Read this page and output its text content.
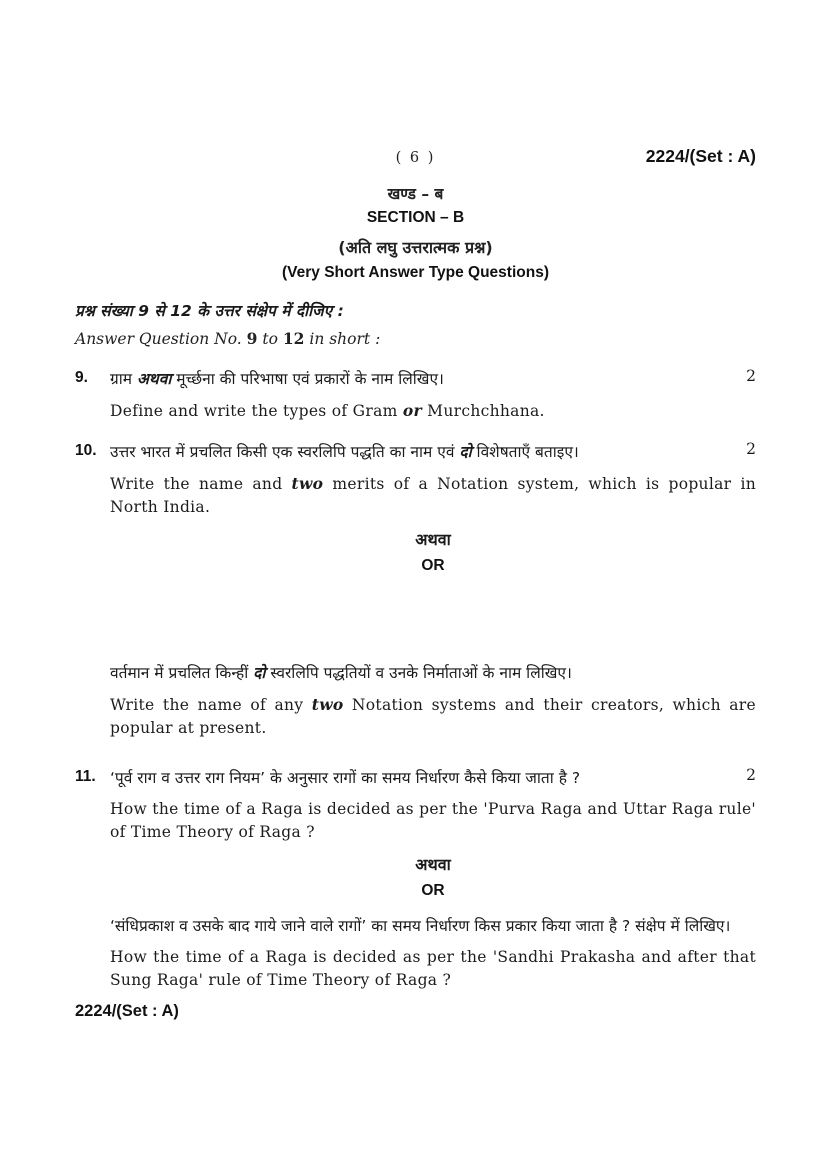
( 6 )	2224/(Set : A)
खण्ड – ब
SECTION – B
(अति लघु उत्तरात्मक प्रश्न)
(Very Short Answer Type Questions)
प्रश्न संख्या 9 से 12 के उत्तर संक्षेप में दीजिए :
Answer Question No. 9 to 12 in short :
9.	ग्राम अथवा मूर्च्छना की परिभाषा एवं प्रकारों के नाम लिखिए।	2
Define and write the types of Gram or Murchchhana.
10. उत्तर भारत में प्रचलित किसी एक स्वरलिपि पद्धति का नाम एवं दो विशेषताएँ बताइए।	2
Write the name and two merits of a Notation system, which is popular in North India.
अथवा
OR
वर्तमान में प्रचलित किन्हीं दो स्वरलिपि पद्धतियों व उनके निर्माताओं के नाम लिखिए।
Write the name of any two Notation systems and their creators, which are popular at present.
11. ‘पूर्व राग व उत्तर राग नियम’ के अनुसार रागों का समय निर्धारण कैसे किया जाता है ?	2
How the time of a Raga is decided as per the 'Purva Raga and Uttar Raga rule' of Time Theory of Raga ?
अथवा
OR
‘संधिप्रकाश व उसके बाद गाये जाने वाले रागों’ का समय निर्धारण किस प्रकार किया जाता है ? संक्षेप में लिखिए।
How the time of a Raga is decided as per the 'Sandhi Prakasha and after that Sung Raga' rule of Time Theory of Raga ?
2224/(Set : A)
